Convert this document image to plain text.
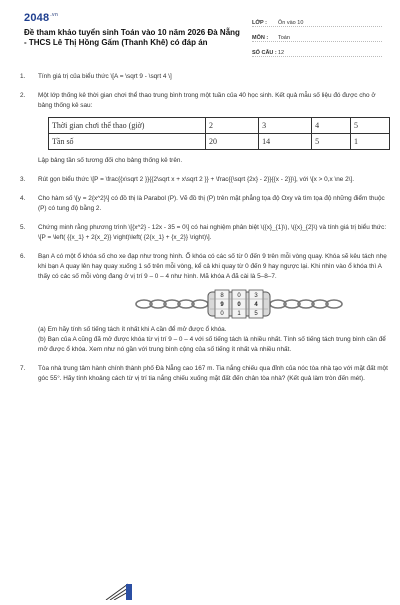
$2048^{.vn}$
Đề tham khảo tuyển sinh Toán vào 10 năm 2026 Đà Nẵng - THCS Lê Thị Hồng Gấm (Thanh Khê) có đáp án
LỚP :	Ôn vào 10
MÔN :	Toán
SỐ CÂU : 12
1. Tính giá trị của biểu thức \[A = \sqrt 9 - \sqrt 4 \]

2. Một lớp thống kê thời gian chơi thể thao trung bình trong một tuần của 40 học sinh. Kết quả mẫu số liệu đó được cho ở bảng thống kê sau:

Thời gian chơi thể thao (giờ)	2	3	4	5
Tần số	20	14	5	1

Lập bảng tần số tương đối cho bảng thống kê trên.

3. Rút gọn biểu thức \[P = \frac{{x\sqrt 2 }}{{2\sqrt x + x\sqrt 2 }} + \frac{{\sqrt {2x} - 2}}{{x - 2}}\], với \[x > 0,x \ne 2\].

4. Cho hàm số \[y = 2{x^2}\] có đồ thị là Parabol (P). Vẽ đồ thị (P) trên mặt phẳng tọa độ Oxy và tìm tọa độ những điểm thuộc (P) có tung độ bằng 2.

5. Chứng minh rằng phương trình \[{x^2} - 12x - 35 = 0\] có hai nghiệm phân biệt \({x}_{1}\), \({x}_{2}\) và tính giá trị biểu thức: \[P = \left( {{x_1} + 2{x_2}} \right)\left( {2{x_1} + {x_2}} \right)\].

6. Bạn A có một ổ khóa số cho xe đạp như trong hình. Ổ khóa có các số từ 0 đến 9 trên mỗi vòng quay. Khóa sẽ kêu tách nhẹ khi bạn A quay lên hay quay xuống 1 số trên mỗi vòng, kể cả khi quay từ 0 đến 9 hay ngược lại. Khi nhìn vào ổ khóa thì A thấy có các số mỗi vòng đang ở vị trí 9 – 0 – 4 như hình. Mã khóa A đã cài là 5–8–7.

8 0 3
9 0 4
0 1 5

(a) Em hãy tính số tiếng tách ít nhất khi A cần để mở được ổ khóa.

(b) Bạn của A cũng đã mở được khóa từ vị trí 9 – 0 – 4 với số tiếng tách là nhiều nhất. Tính số tiếng tách trung bình cần để mở được ổ khóa. Xem như nó gần với trung bình cộng của số tiếng ít nhất và nhiều nhất.

7. Tòa nhà trung tâm hành chính thành phố Đà Nẵng cao 167 m. Tia nắng chiếu qua đỉnh của nóc tòa nhà tạo với mặt đất một góc 55°. Hãy tính khoảng cách từ vị trí tia nắng chiếu xuống mặt đất đến chân tòa nhà? (Kết quả làm tròn đến mét).
